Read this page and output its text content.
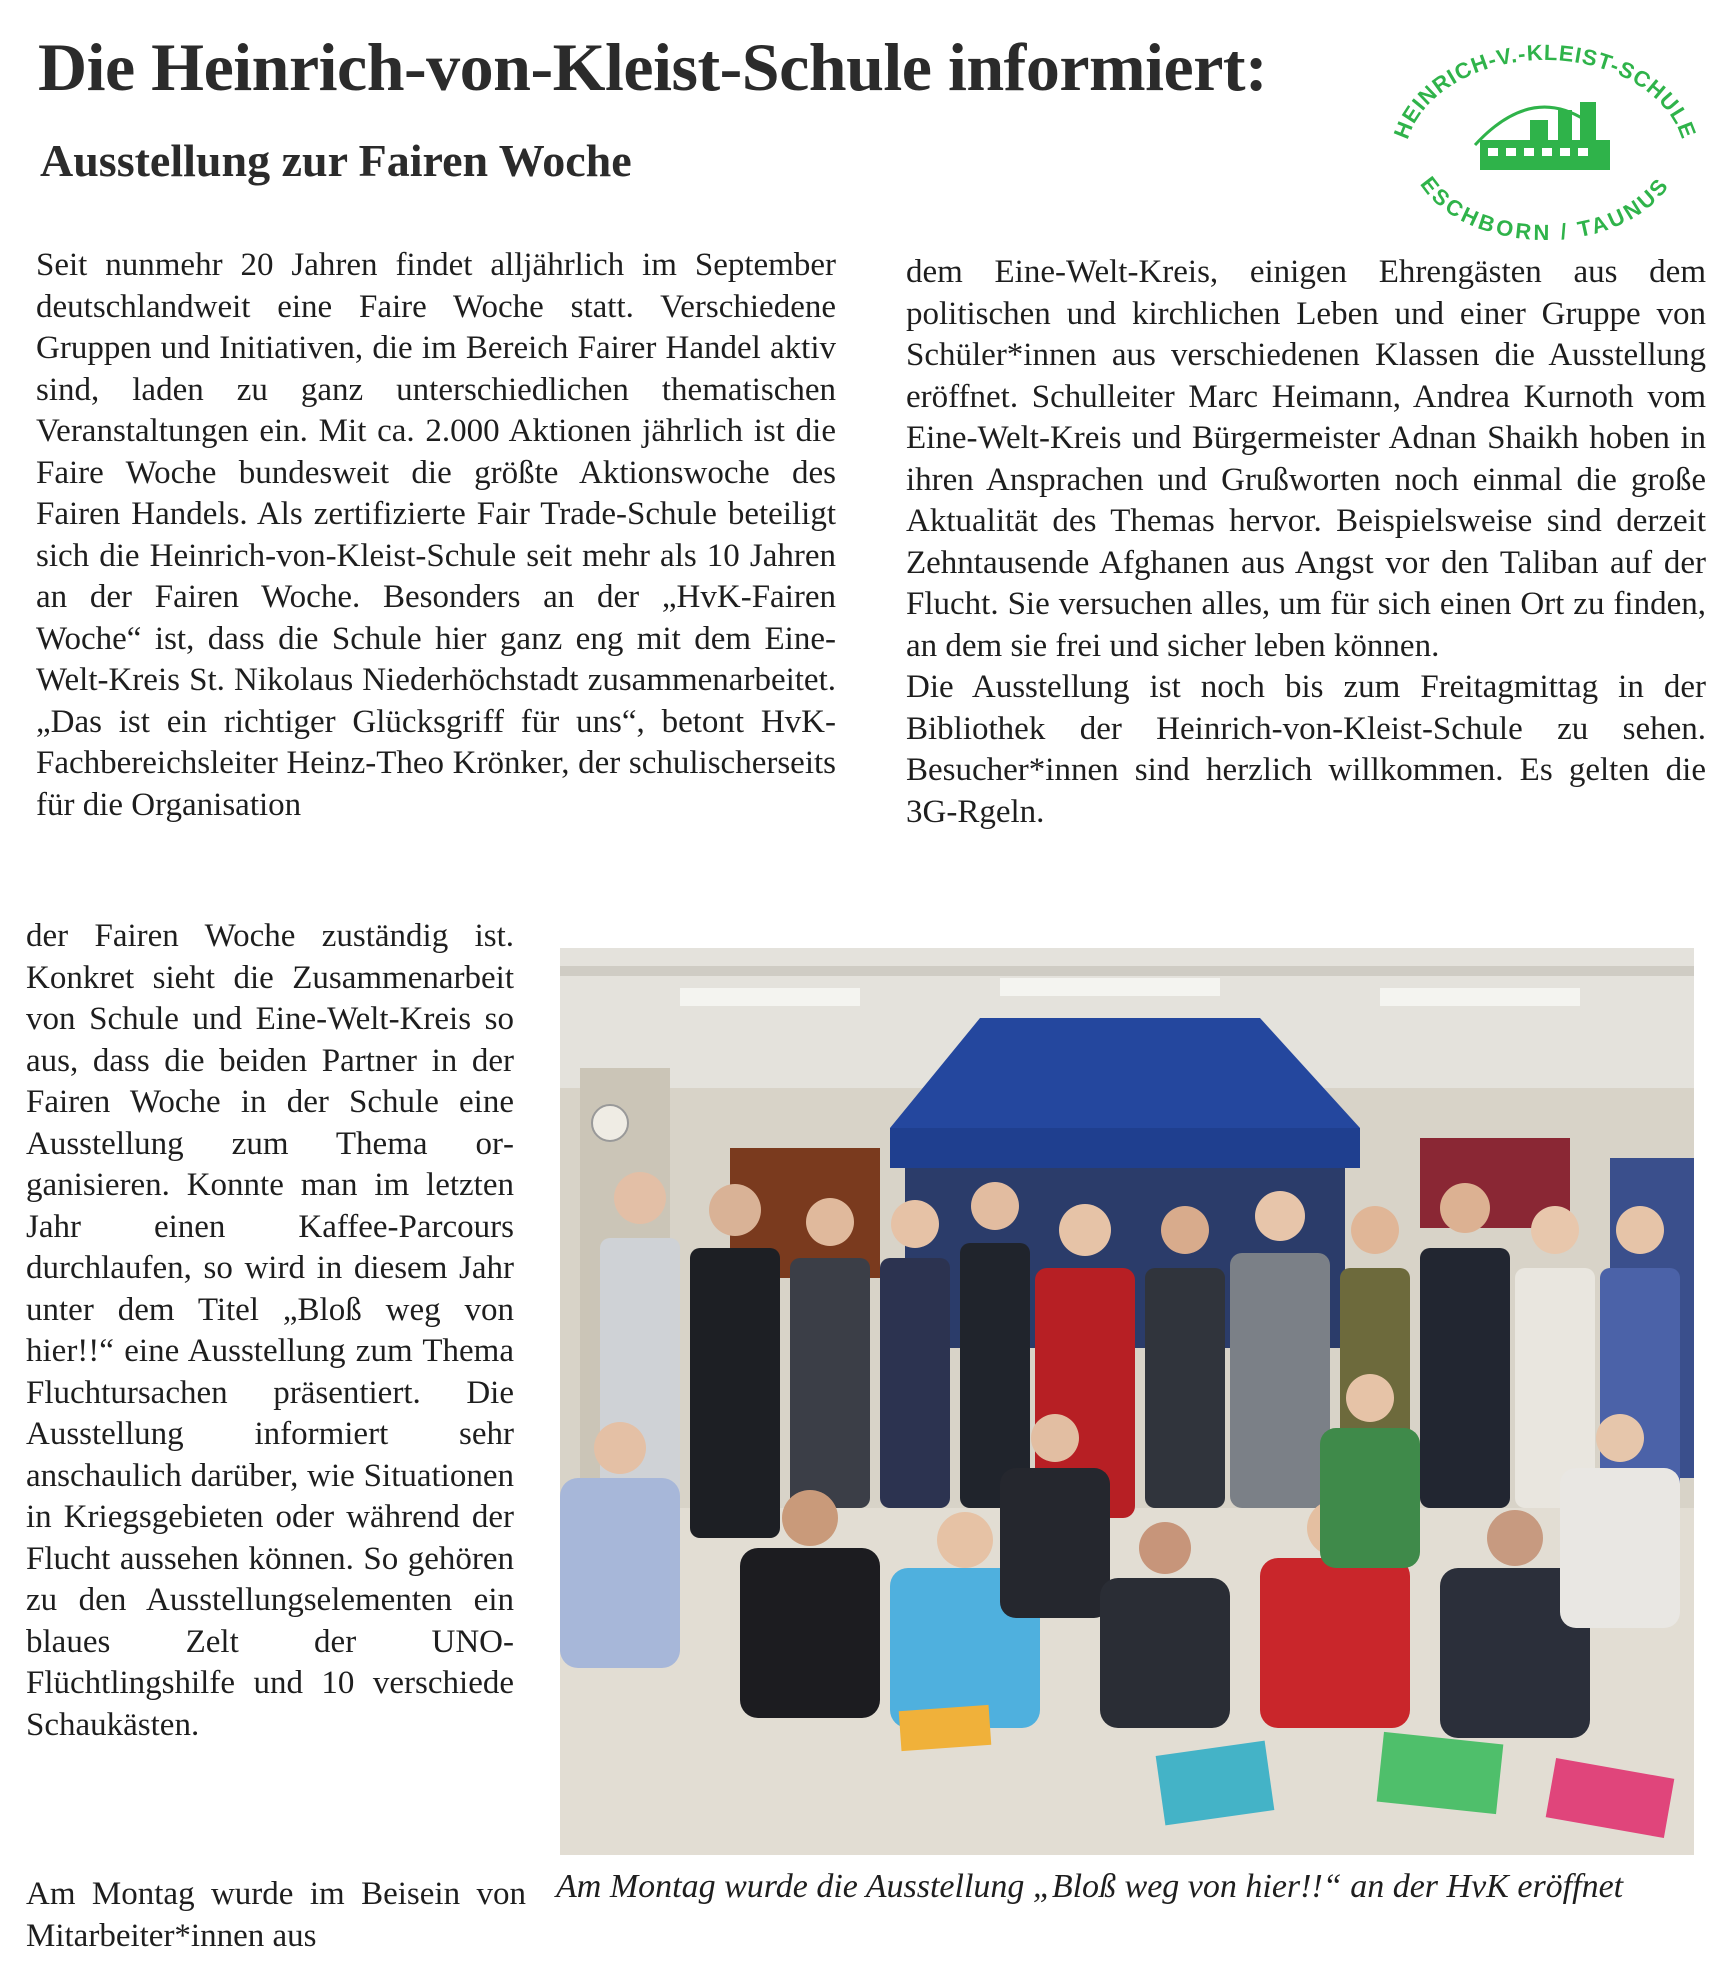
Die Heinrich-von-Kleist-Schule informiert:
Ausstellung zur Fairen Woche
HEINRICH-V.-KLEIST-SCHULE
ESCHBORN / TAUNUS

Seit nunmehr 20 Jahren findet alljährlich im September deutschlandweit eine Faire Woche statt. Verschiedene Gruppen und Initiativen, die im Bereich Fairer Handel aktiv sind, laden zu ganz unterschiedlichen thematischen Veranstaltungen ein. Mit ca. 2.000 Aktionen jährlich ist die Faire Woche bundesweit die größte Aktionswoche des Fairen Handels. Als zertifizierte Fair Trade-Schule beteiligt sich die Heinrich-von-Kleist-Schule seit mehr als 10 Jahren an der Fairen Woche. Besonders an der „HvK-Fairen Woche“ ist, dass die Schule hier ganz eng mit dem Eine-Welt-Kreis St. Nikolaus Niederhöchstadt zusammenarbeitet. „Das ist ein richtiger Glücksgriff für uns“, betont HvK-Fachbereichsleiter Heinz-Theo Krönker, der schulischerseits für die Organisation

der Fairen Woche zuständig ist. Konkret sieht die Zusammenarbeit von Schule und Eine-Welt-Kreis so aus, dass die beiden Partner in der Fairen Woche in der Schule eine Ausstellung zum Thema organisieren. Konnte man im letzten Jahr einen Kaffee-Parcours durchlaufen, so wird in diesem Jahr unter dem Titel „Bloß weg von hier!!“ eine Ausstellung zum Thema Fluchtursachen präsentiert. Die Ausstellung informiert sehr anschaulich darüber, wie Situationen in Kriegsgebieten oder während der Flucht aussehen können. So gehören zu den Ausstellungselementen ein blaues Zelt der UNO-Flüchtlingshilfe und 10 verschiede Schaukästen.

Am Montag wurde im Beisein von Mitarbeiter*innen aus

dem Eine-Welt-Kreis, einigen Ehrengästen aus dem politischen und kirchlichen Leben und einer Gruppe von Schüler*innen aus verschiedenen Klassen die Ausstellung eröffnet. Schulleiter Marc Heimann, Andrea Kurnoth vom Eine-Welt-Kreis und Bürgermeister Adnan Shaikh hoben in ihren Ansprachen und Grußworten noch einmal die große Aktualität des Themas hervor. Beispielsweise sind derzeit Zehntausende Afghanen aus Angst vor den Taliban auf der Flucht. Sie versuchen alles, um für sich einen Ort zu finden, an dem sie frei und sicher leben können.

Die Ausstellung ist noch bis zum Freitagmittag in der Bibliothek der Heinrich-von-Kleist-Schule zu sehen. Besucher*innen sind herzlich willkommen. Es gelten die 3G-Rgeln.

Am Montag wurde die Ausstellung „Bloß weg von hier!!“ an der HvK eröffnet
